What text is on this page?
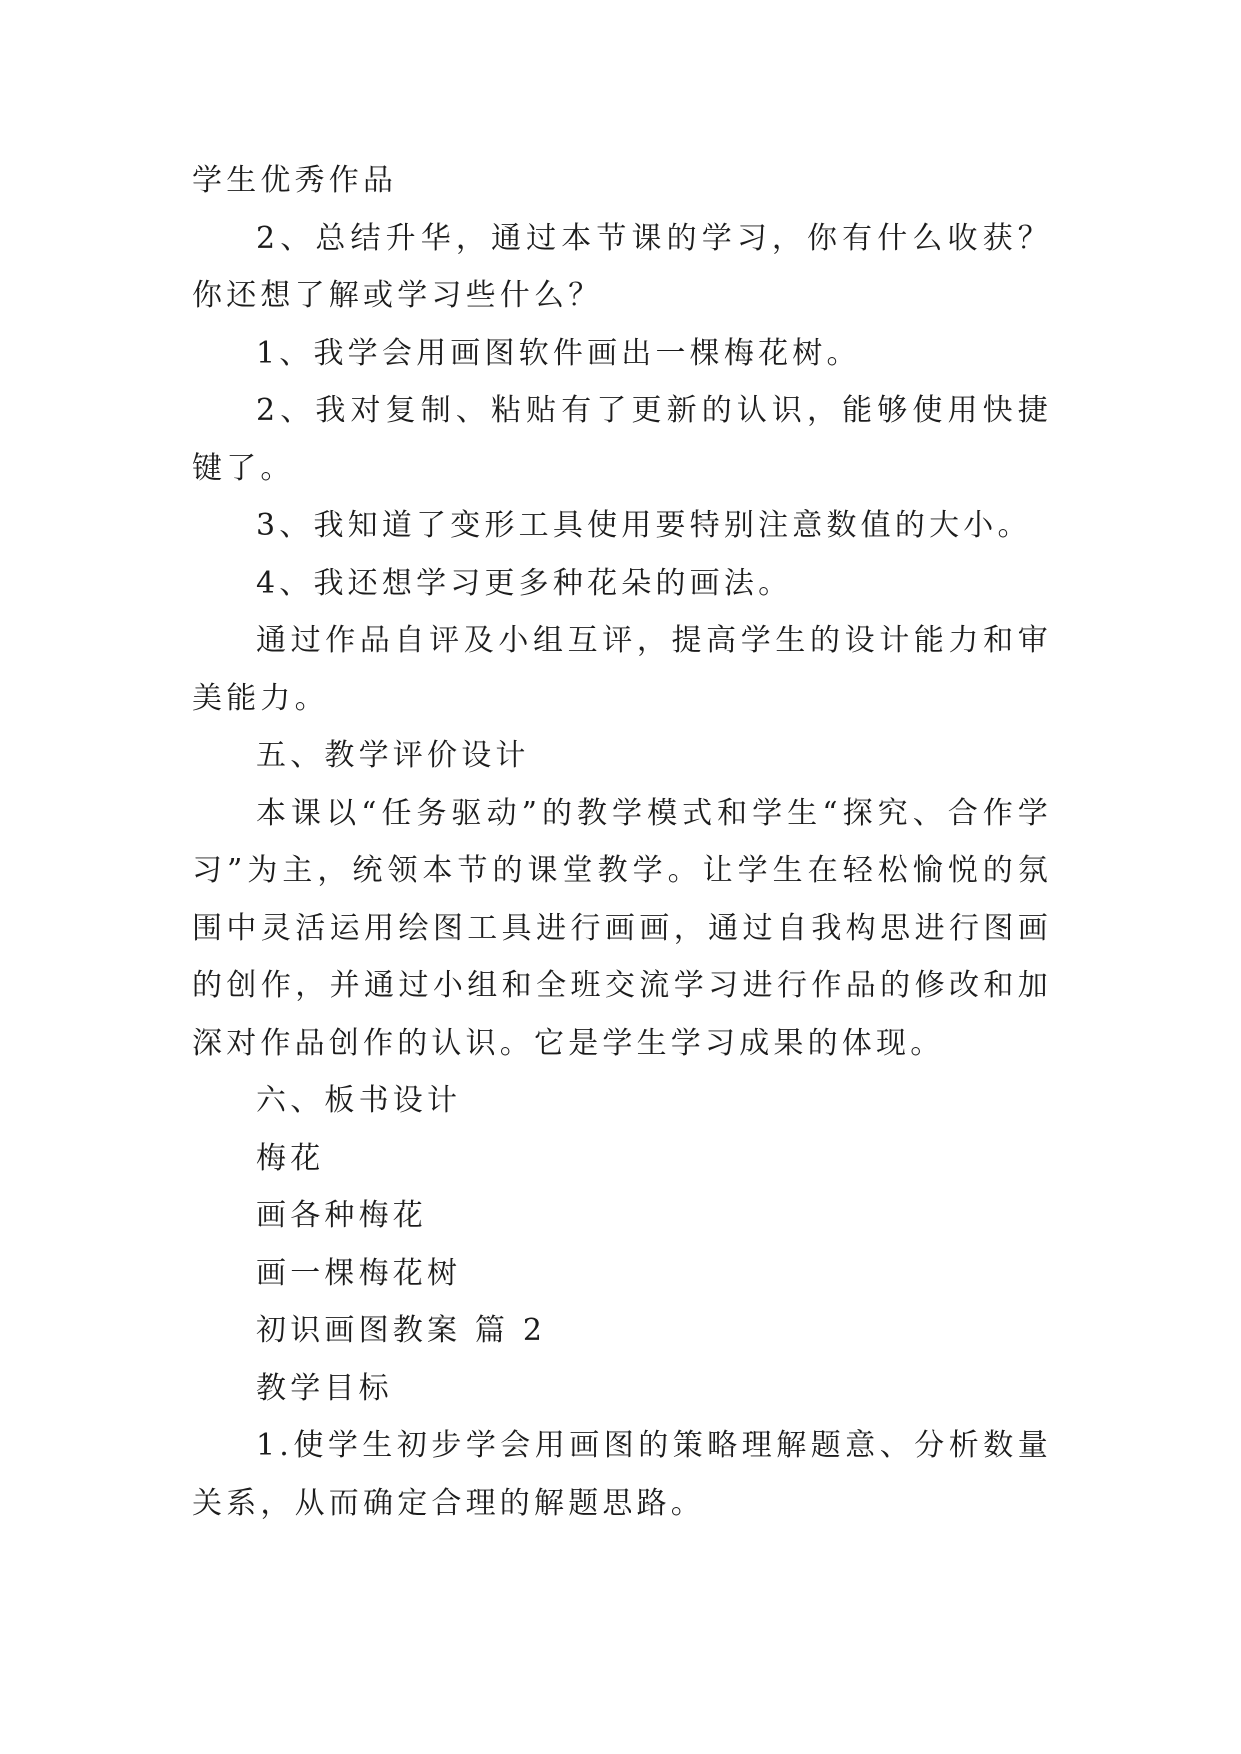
学生优秀作品

2、总结升华，通过本节课的学习，你有什么收获？你还想了解或学习些什么？

1、我学会用画图软件画出一棵梅花树。

2、我对复制、粘贴有了更新的认识，能够使用快捷键了。

3、我知道了变形工具使用要特别注意数值的大小。

4、我还想学习更多种花朵的画法。

通过作品自评及小组互评，提高学生的设计能力和审美能力。

五、教学评价设计

本课以“任务驱动”的教学模式和学生“探究、合作学习”为主，统领本节的课堂教学。让学生在轻松愉悦的氛围中灵活运用绘图工具进行画画，通过自我构思进行图画的创作，并通过小组和全班交流学习进行作品的修改和加深对作品创作的认识。它是学生学习成果的体现。

六、板书设计

梅花

画各种梅花

画一棵梅花树

初识画图教案 篇 2

教学目标

1.使学生初步学会用画图的策略理解题意、分析数量关系，从而确定合理的解题思路。
